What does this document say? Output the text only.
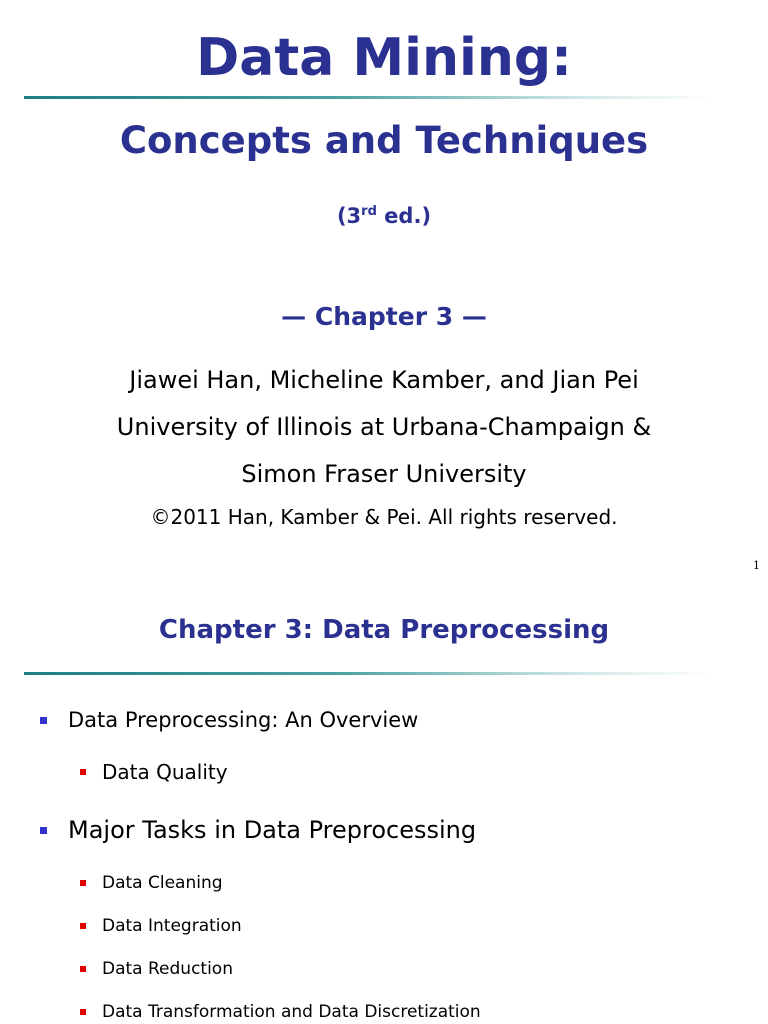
Data Mining:
Concepts and Techniques
(3rd ed.)
— Chapter 3 —
Jiawei Han, Micheline Kamber, and Jian Pei
University of Illinois at Urbana-Champaign &
Simon Fraser University
©2011 Han, Kamber & Pei. All rights reserved.
1
Chapter 3: Data Preprocessing
Data Preprocessing: An Overview
Data Quality
Major Tasks in Data Preprocessing
Data Cleaning
Data Integration
Data Reduction
Data Transformation and Data Discretization
